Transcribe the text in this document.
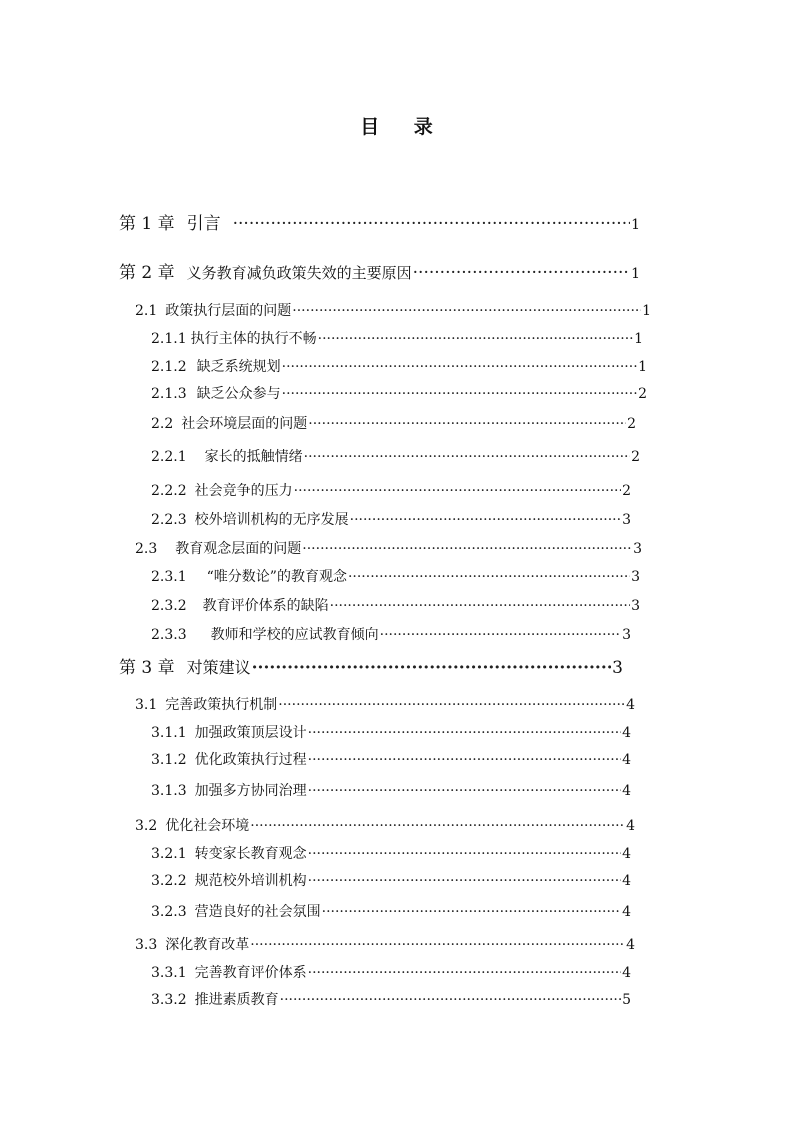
目 录
第 1 章 引言 ·····	1
第 2 章 义务教育减负政策失效的主要原因 ·····	1
2.1 政策执行层面的问题 ·····	1
2.1.1 执行主体的执行不畅 ·····	1
2.1.2 缺乏系统规划 ·····	1
2.1.3 缺乏公众参与 ·····	2
2.2 社会环境层面的问题 ·····	2
2.2.1 家长的抵触情绪 ·····	2
2.2.2 社会竞争的压力 ·····	2
2.2.3 校外培训机构的无序发展 ·····	3
2.3 教育观念层面的问题 ·····	3
2.3.1 “唯分数论”的教育观念 ·····	3
2.3.2 教育评价体系的缺陷 ·····	3
2.3.3 教师和学校的应试教育倾向 ·····	3
第 3 章 对策建议 ·····	3
3.1 完善政策执行机制 ·····	4
3.1.1 加强政策顶层设计 ·····	4
3.1.2 优化政策执行过程 ·····	4
3.1.3 加强多方协同治理 ·····	4
3.2 优化社会环境 ·····	4
3.2.1 转变家长教育观念 ·····	4
3.2.2 规范校外培训机构 ·····	4
3.2.3 营造良好的社会氛围 ·····	4
3.3 深化教育改革 ·····	4
3.3.1 完善教育评价体系 ·····	4
3.3.2 推进素质教育 ·····	5
